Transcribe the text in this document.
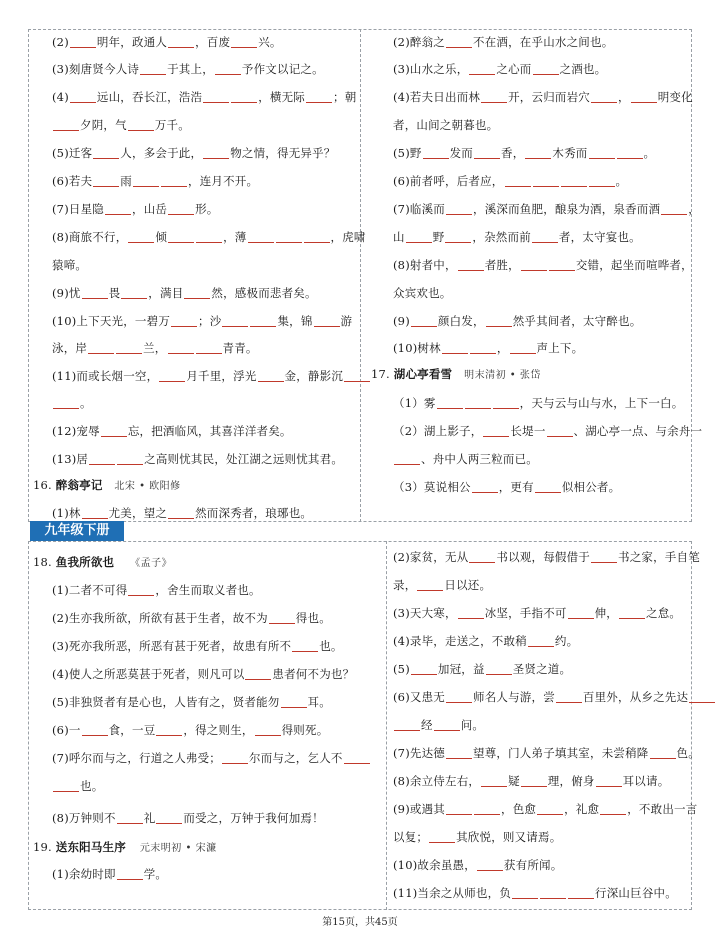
九年级下册
(2) 明年，政通人 ，百废 兴。
(3)刻唐贤今人诗 于其上， 予作文以记之。
(4) 远山，吞长江，浩浩	，横无际 ；朝
夕阴，气 万千。
(5)迁客 人，多会于此， 物之情，得无异乎？
(6)若夫 雨	，连月不开。
(7)日星隐 ，山岳 形。
(8)商旅不行， 倾	，薄	，虎啸
猿啼。
(9)忧 畏 ，满目 然，感极而悲者矣。
(10)上下天光，一碧万 ；沙	集，锦 游
泳，岸	兰，	青青。
(11)而或长烟一空， 月千里，浮光 金，静影沉
。
(12)宠辱 忘，把酒临风，其喜洋洋者矣。
(13)居	之高则忧其民，处江湖之远则忧其君。
16. 醉翁亭记 北宋 • 欧阳修
(1)林 尤美，望之 然而深秀者，琅琊也。
(2)醉翁之 不在酒，在乎山水之间也。
(3)山水之乐， 之心而 之酒也。
(4)若夫日出而林 开，云归而岩穴 ， 明变化
者，山间之朝暮也。
(5)野 发而 香， 木秀而	。
(6)前者呼，后者应，	。
(7)临溪而 ，溪深而鱼肥，酿泉为酒，泉香而酒 ，
山 野 ，杂然而前 者，太守宴也。
(8)射者中， 者胜，	交错，起坐而喧哗者，
众宾欢也。
(9) 颜白发， 然乎其间者，太守醉也。
(10)树林	， 声上下。
17. 湖心亭看雪 明末清初 • 张岱
（1）雾	，天与云与山与水，上下一白。
（2）湖上影子， 长堤一 、湖心亭一点、与余舟一
、舟中人两三粒而已。
（3）莫说相公 ，更有 似相公者。
18. 鱼我所欲也 《孟子》
(1)二者不可得 ，舍生而取义者也。
(2)生亦我所欲，所欲有甚于生者，故不为 得也。
(3)死亦我所恶，所恶有甚于死者，故患有所不 也。
(4)使人之所恶莫甚于死者，则凡可以 患者何不为也？
(5)非独贤者有是心也，人皆有之，贤者能勿 耳。
(6)一 食，一豆 ，得之则生， 得则死。
(7)呼尔而与之，行道之人弗受； 尔而与之，乞人不
也。
(8)万钟则不 礼 而受之，万钟于我何加焉！
19. 送东阳马生序 元末明初 • 宋濂
(1)余幼时即 学。
(2)家贫，无从 书以观，每假借于 书之家，手自笔
录， 日以还。
(3)天大寒， 冰坚，手指不可 伸， 之怠。
(4)录毕，走送之，不敢稍 约。
(5) 加冠，益 圣贤之道。
(6)又患无 师名人与游，尝 百里外，从乡之先达
经 问。
(7)先达德 望尊，门人弟子填其室，未尝稍降 色。
(8)余立侍左右， 疑 理，俯身 耳以请。
(9)或遇其	，色愈 ，礼愈 ，不敢出一言
以复； 其欣悦，则又请焉。
(10)故余虽愚， 获有所闻。
(11)当余之从师也，负	行深山巨谷中。
第15页，共45页
